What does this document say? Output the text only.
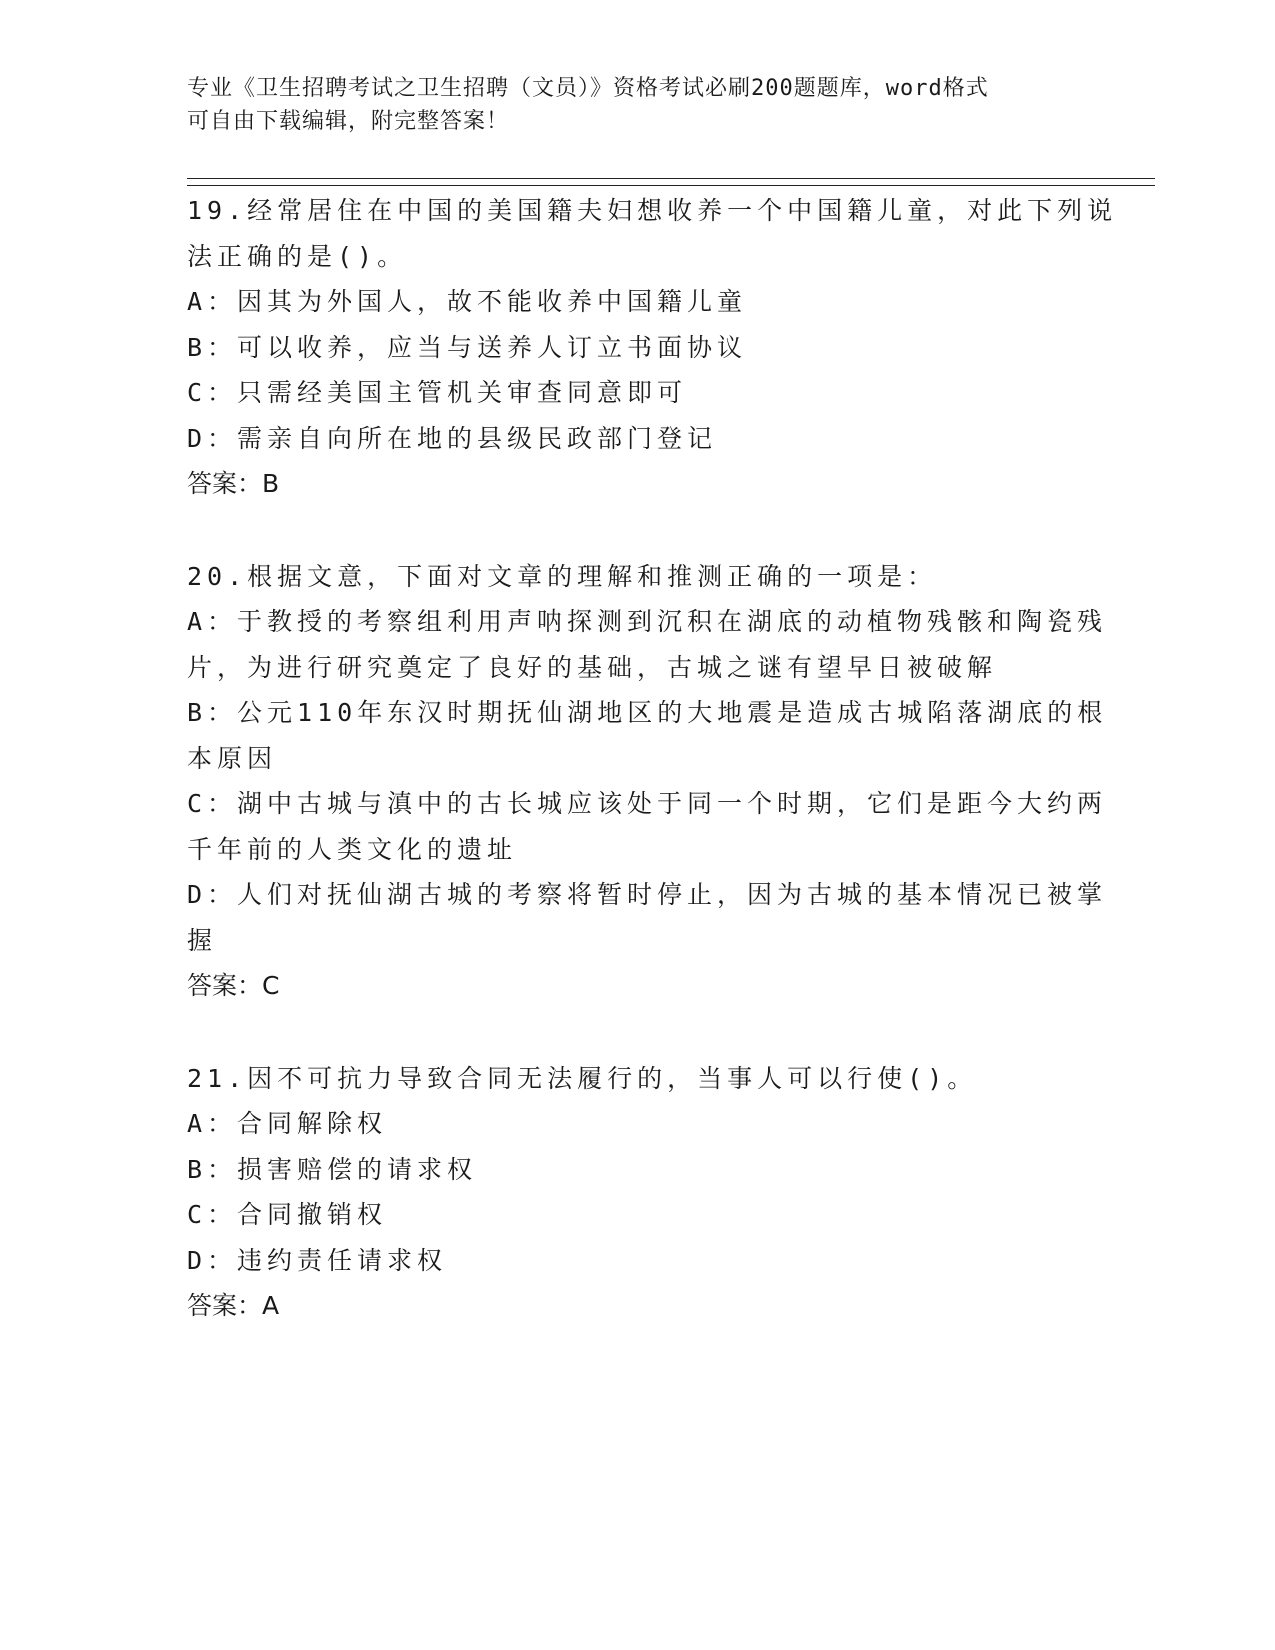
专业《卫生招聘考试之卫生招聘（文员）》资格考试必刷200题题库，word格式
可自由下载编辑，附完整答案！
19.经常居住在中国的美国籍夫妇想收养一个中国籍儿童，对此下列说
法正确的是()。
A：因其为外国人，故不能收养中国籍儿童
B：可以收养，应当与送养人订立书面协议
C：只需经美国主管机关审查同意即可
D：需亲自向所在地的县级民政部门登记
答案：B
20.根据文意，下面对文章的理解和推测正确的一项是：
A：于教授的考察组利用声呐探测到沉积在湖底的动植物残骸和陶瓷残
片，为进行研究奠定了良好的基础，古城之谜有望早日被破解
B：公元110年东汉时期抚仙湖地区的大地震是造成古城陷落湖底的根
本原因
C：湖中古城与滇中的古长城应该处于同一个时期，它们是距今大约两
千年前的人类文化的遗址
D：人们对抚仙湖古城的考察将暂时停止，因为古城的基本情况已被掌
握
答案：C
21.因不可抗力导致合同无法履行的，当事人可以行使()。
A：合同解除权
B：损害赔偿的请求权
C：合同撤销权
D：违约责任请求权
答案：A
